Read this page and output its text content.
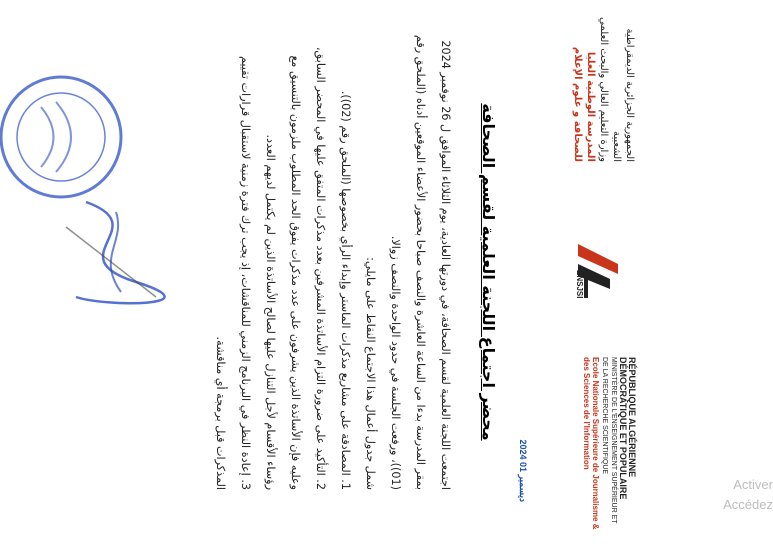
الجمهورية الجزائرية الديمقراطية الشعبية
وزارة التعليم العالي والبحث العلمي
المدرسة الوطنية العليا للصحافة و علوم الإعلام
ENSJSI
RÉPUBLIQUE ALGÉRIENNE DÉMOCRATIQUE ET POPULAIRE
MINISTÈRE DE L'ENSEIGNEMENT SUPÉRIEUR ET DE LA RECHERCHE SCIENTIFIQUE
Ecole Nationale Supérieure de Journalisme & des Sciences de l'Information
2024 ديسمبر 01
محضر اجتماع اللجنة العلمية لقسم الصحافة

اجتمعت اللجنة العلمية لقسم الصحافة، في دورتها العادية، يوم الثلاثاء الموافق ل 26 نوفمبر 2024 بمقر المدرسة بدءا من الساعة العاشرة والنصف صباحا بحضور الأعضاء الموقعين أدناه (الملحق رقم (01))، ورفعت الجلسة في حدود الواحدة والنصف زوالا.

شمل جدول أعمال هذا الاجتماع النقاط على مايلي:

1. المصادقة على مشاريع مذكرات الماستر وإبداء الرأي بخصوصها (الملحق رقم (02)).

2. التأكيد على ضرورة التزام الأساتذة المشرفين بعدد مذكرات المتفق عليها في المحضر السابق، وعليه فإن الأساتذة الذين يشرفون على عدد مذكرات يفوق الحد المطلوب ملزمون بالتنسيق مع رؤساء الأقسام لأجل التنازل عليها لصالح الأساتذة الذين لم يكتمل لديهم العدد.

3. إعادة النظر في البرنامج الزمني للمناقشات، إذ يجب ترك فترة زمنية لاستقبال قرارات تقييم المذكرات قبل برمجة أي مناقشة.	Activer
Accédez
